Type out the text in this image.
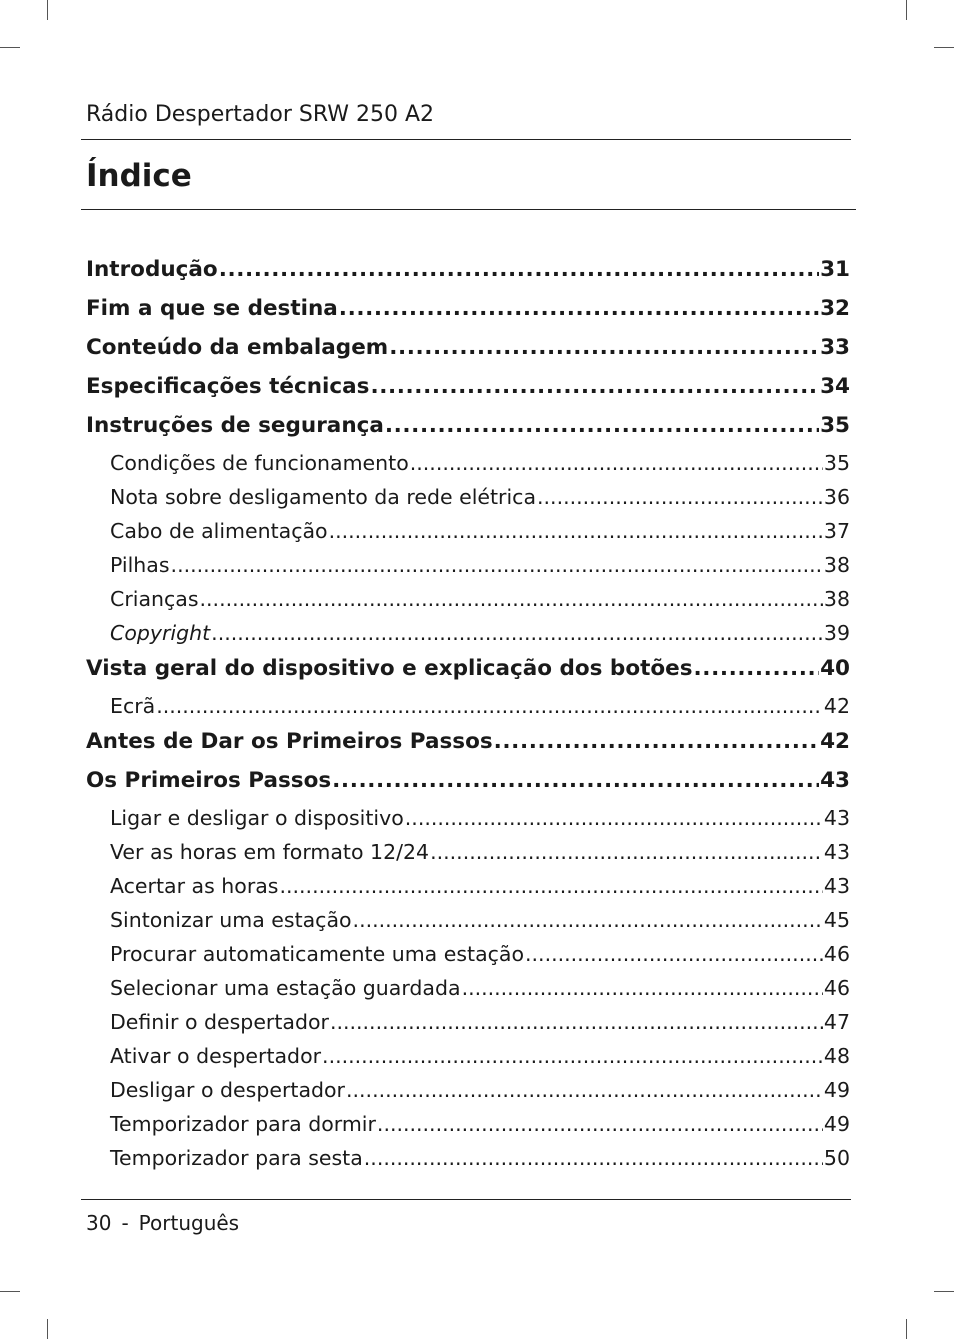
Rádio Despertador SRW 250 A2
Índice
Introdução .....	31
Fim a que se destina .....	32
Conteúdo da embalagem .....	33
Especificações técnicas .....	34
Instruções de segurança .....	35
Condições de funcionamento .....	35
Nota sobre desligamento da rede elétrica .....	36
Cabo de alimentação .....	37
Pilhas .....	38
Crianças .....	38
Copyright .....	39
Vista geral do dispositivo e explicação dos botões .....	40
Ecrã .....	42
Antes de Dar os Primeiros Passos .....	42
Os Primeiros Passos .....	43
Ligar e desligar o dispositivo .....	43
Ver as horas em formato 12/24 .....	43
Acertar as horas .....	43
Sintonizar uma estação .....	45
Procurar automaticamente uma estação .....	46
Selecionar uma estação guardada .....	46
Definir o despertador .....	47
Ativar o despertador .....	48
Desligar o despertador .....	49
Temporizador para dormir .....	49
Temporizador para sesta .....	50
30 - Português
